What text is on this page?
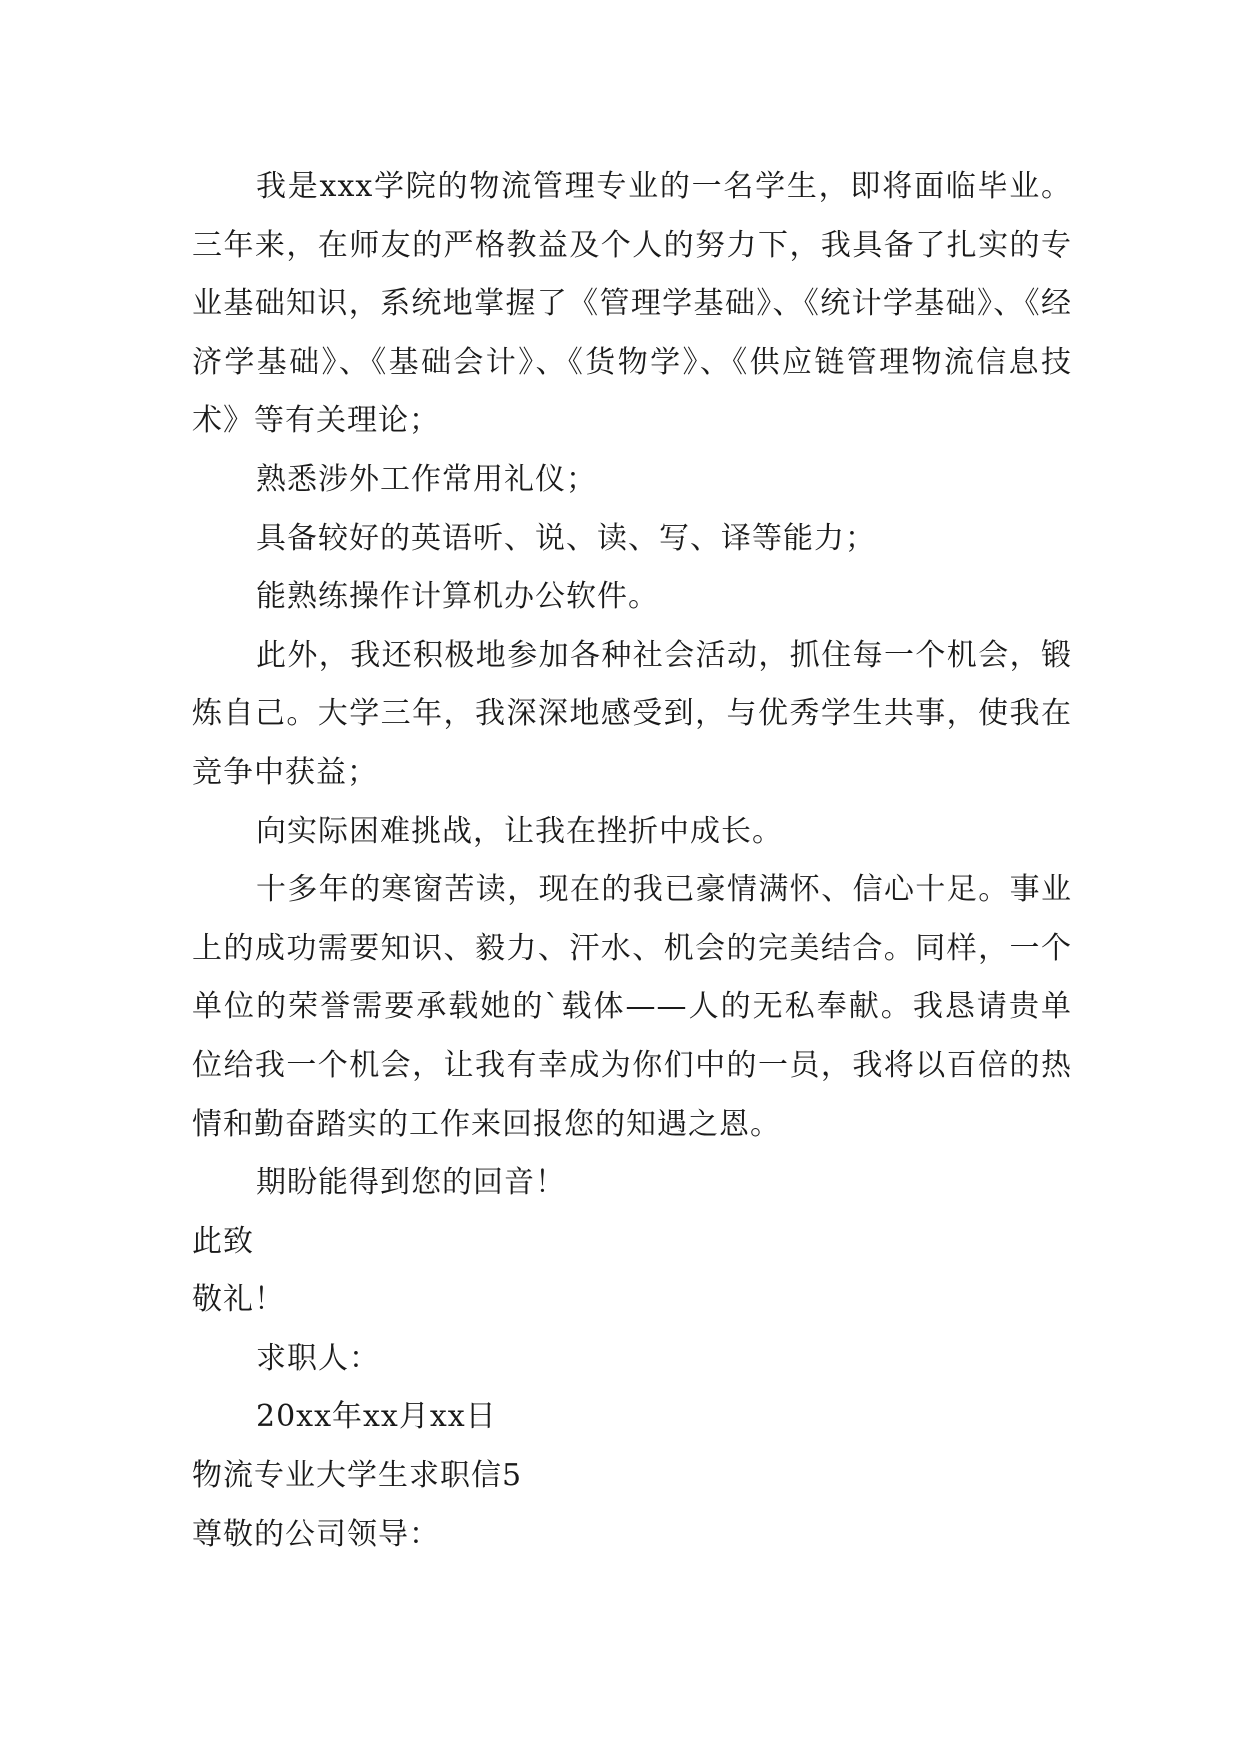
我是xxx学院的物流管理专业的一名学生，即将面临毕业。三年来，在师友的严格教益及个人的努力下，我具备了扎实的专业基础知识，系统地掌握了《管理学基础》、《统计学基础》、《经济学基础》、《基础会计》、《货物学》、《供应链管理物流信息技术》等有关理论；

熟悉涉外工作常用礼仪；

具备较好的英语听、说、读、写、译等能力；

能熟练操作计算机办公软件。

此外，我还积极地参加各种社会活动，抓住每一个机会，锻炼自己。大学三年，我深深地感受到，与优秀学生共事，使我在竞争中获益；

向实际困难挑战，让我在挫折中成长。

十多年的寒窗苦读，现在的我已豪情满怀、信心十足。事业上的成功需要知识、毅力、汗水、机会的完美结合。同样，一个单位的荣誉需要承载她的`载体——人的无私奉献。我恳请贵单位给我一个机会，让我有幸成为你们中的一员，我将以百倍的热情和勤奋踏实的工作来回报您的知遇之恩。

期盼能得到您的回音！

此致

敬礼！

求职人：

20xx年xx月xx日

物流专业大学生求职信5

尊敬的公司领导：
